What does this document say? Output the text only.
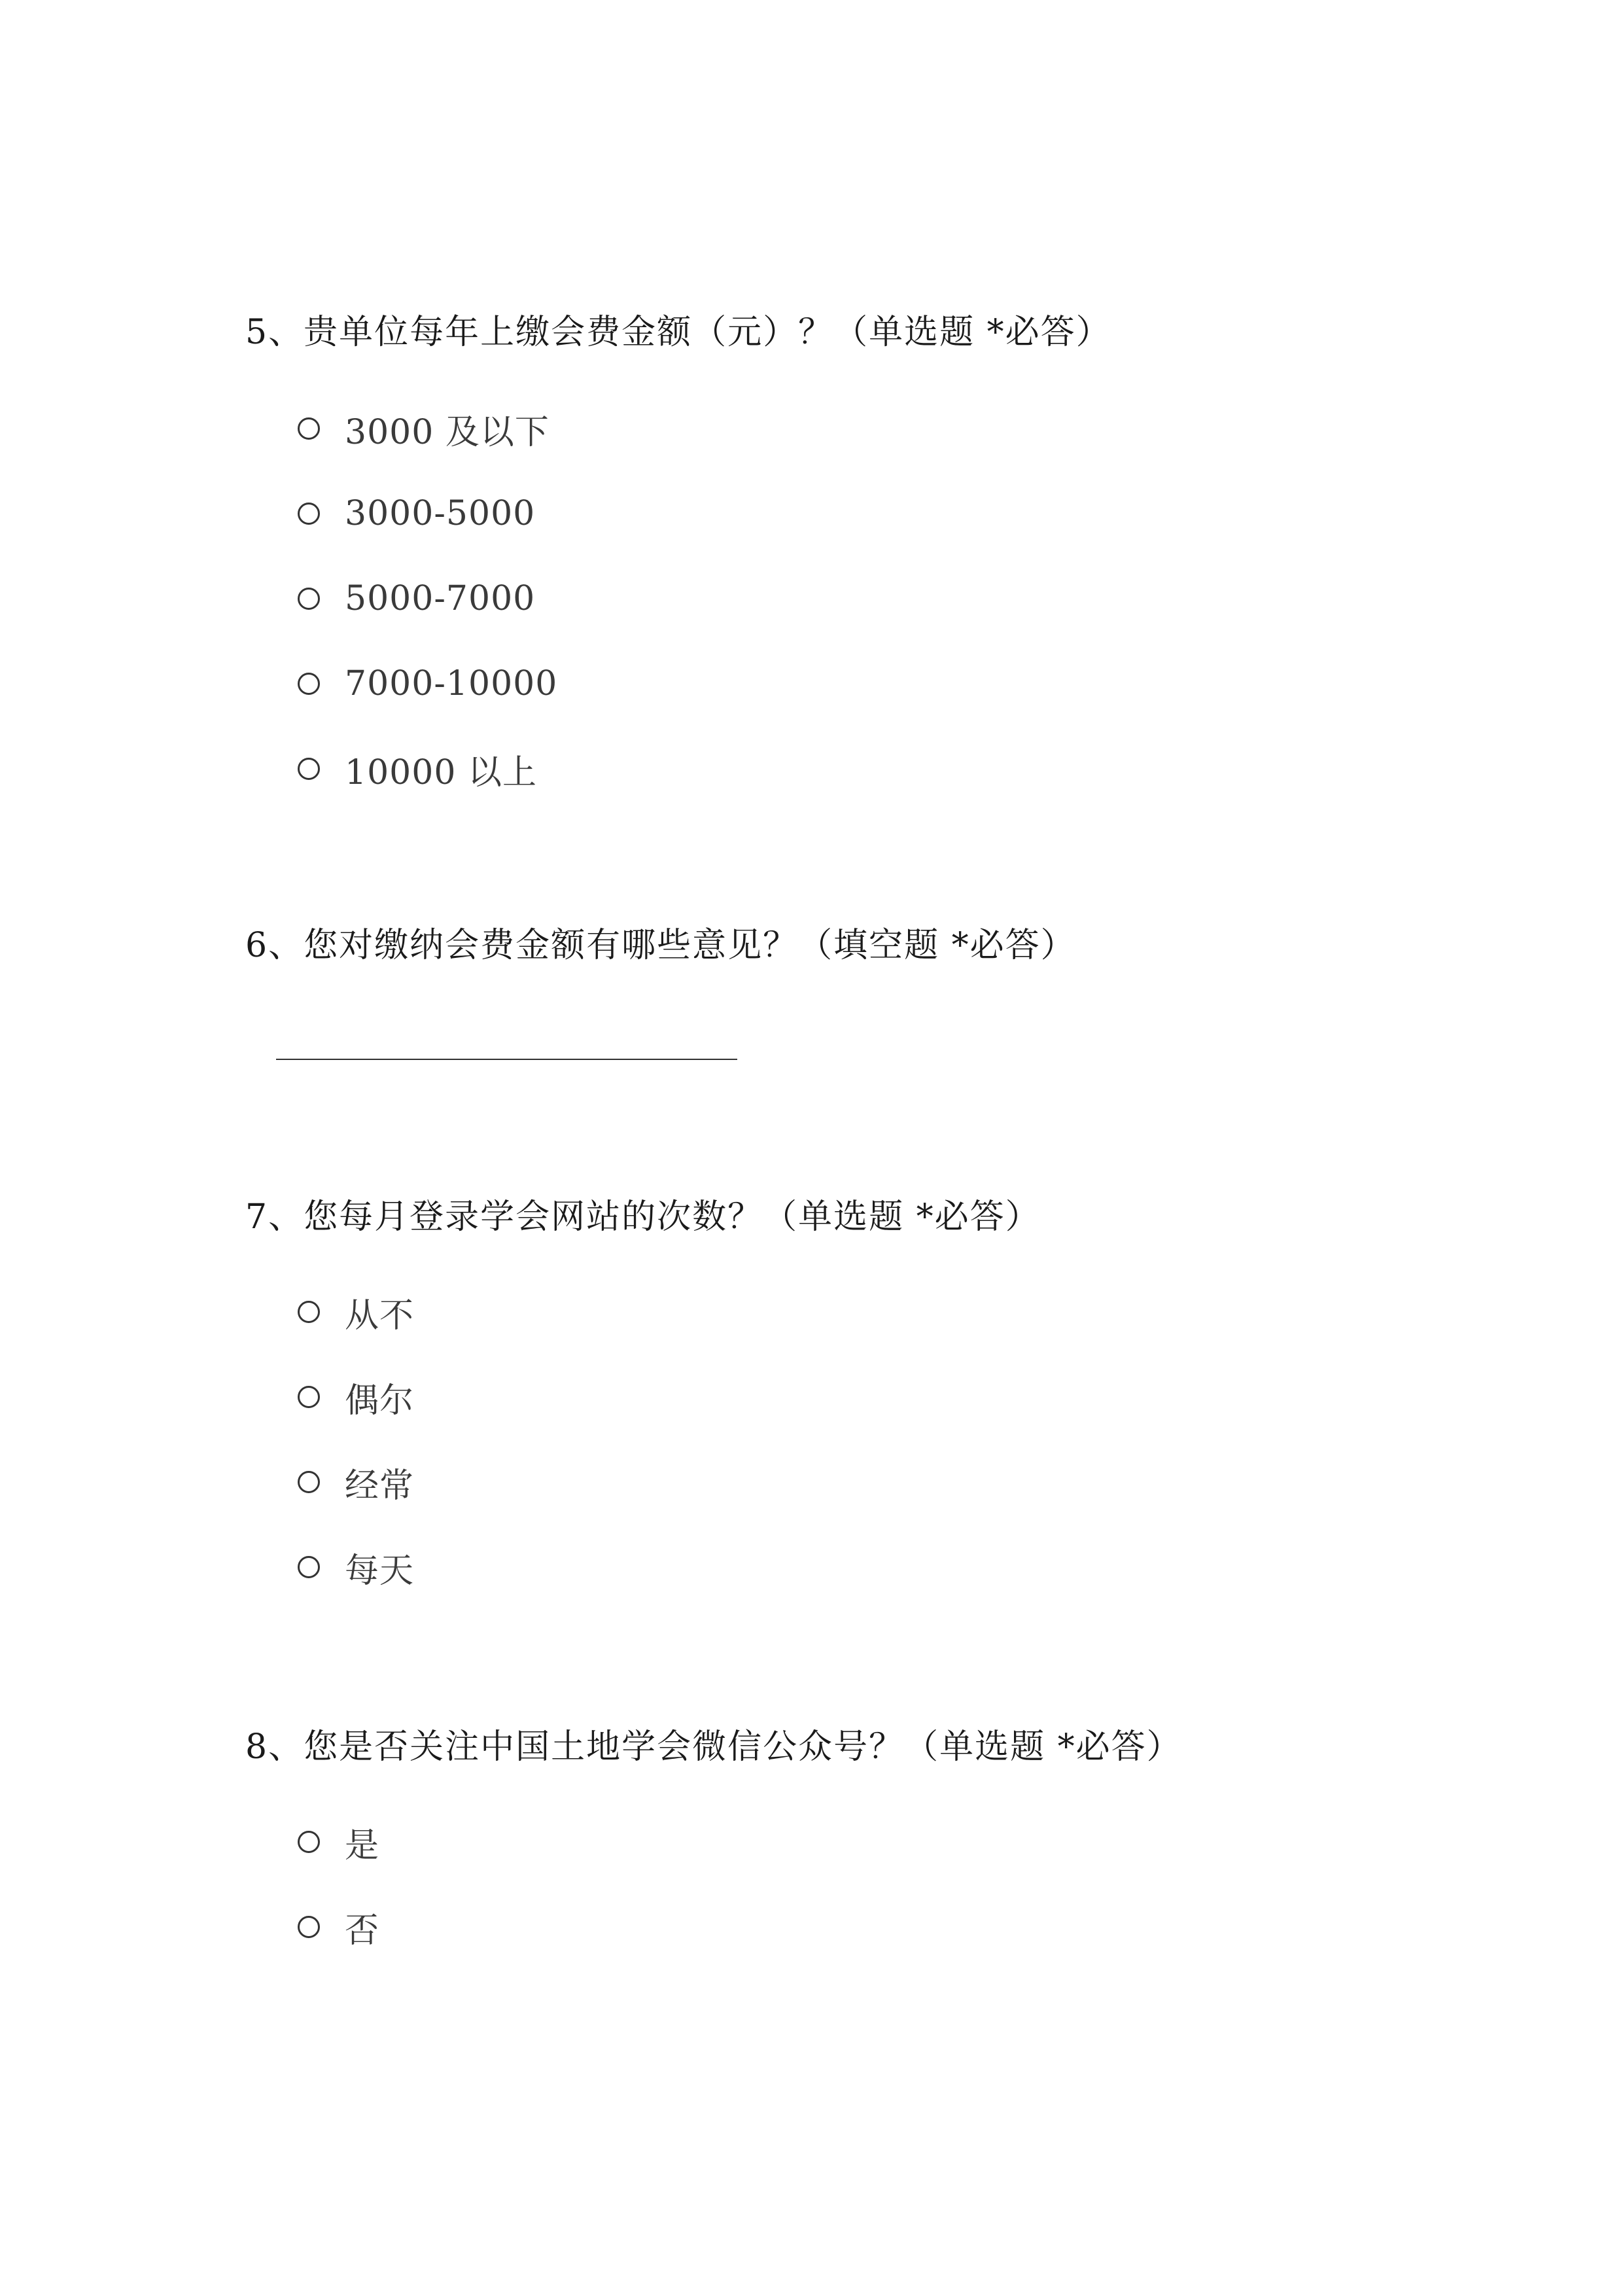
5、贵单位每年上缴会费金额（元）？（单选题 *必答）
3000 及以下
3000-5000
5000-7000
7000-10000
10000 以上
6、您对缴纳会费金额有哪些意见？（填空题 *必答）
7、您每月登录学会网站的次数？（单选题 *必答）
从不
偶尔
经常
每天
8、您是否关注中国土地学会微信公众号？（单选题 *必答）
是
否
